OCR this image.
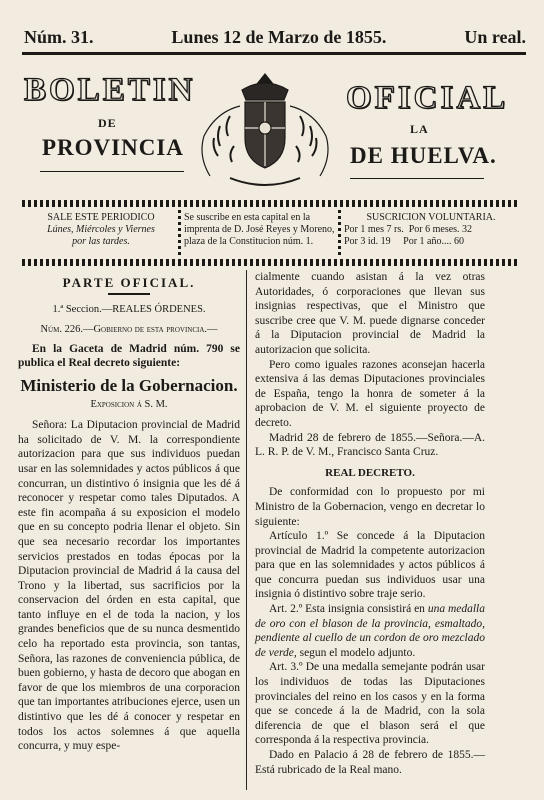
Núm. 31.	Lunes 12 de Marzo de 1855.	Un real.
BOLETIN	OFICIAL
DE	LA
PROVINCIA	DE HUELVA.
SALE ESTE PERIODICO
Lúnes, Miércoles y Viernes
por las tardes.
Se suscribe en esta capital en la
imprenta de D. José Reyes y Moreno,
plaza de la Constitucion núm. 1.
SUSCRICION VOLUNTARIA.
Por 1 mes 7 rs.  Por 6 meses. 32
Por 3 id. 19     Por 1 año.... 60
PARTE OFICIAL.
1.ª Seccion.—REALES ÓRDENES.
Núm. 226.—Gobierno de esta provincia.—

En la Gaceta de Madrid núm. 790 se publica el Real decreto siguiente:

Ministerio de la Gobernacion.
Exposicion á S. M.

Señora: La Diputacion provincial de Madrid ha solicitado de V. M. la correspondiente autorizacion para que sus individuos puedan usar en las solemnidades y actos públicos á que concurran, un distintivo ó insignia que les dé á reconocer y respetar como tales Diputados. A este fin acompaña á su exposicion el modelo que en su concepto podria llenar el objeto. Sin que sea necesario recordar los importantes servicios prestados en todas épocas por la Diputacion provincial de Madrid á la causa del Trono y la libertad, sus sacrificios por la conservacion del órden en esta capital, que tanto influye en el de toda la nacion, y los grandes beneficios que de su nunca desmentido celo ha reportado esta provincia, son tantas, Señora, las razones de conveniencia pública, de buen gobierno, y hasta de decoro que abogan en favor de que los miembros de una corporacion que tan importantes atribuciones ejerce, usen un distintivo que les dé á conocer y respetar en todos los actos solemnes á que aquella concurra, y muy espe-

cialmente cuando asistan á la vez otras Autoridades, ó corporaciones que llevan sus insignias respectivas, que el Ministro que suscribe cree que V. M. puede dignarse conceder á la Diputacion provincial de Madrid la autorizacion que solicita.

Pero como iguales razones aconsejan hacerla extensiva á las demas Diputaciones provinciales de España, tengo la honra de someter á la aprobacion de V. M. el siguiente proyecto de decreto.

Madrid 28 de febrero de 1855.—Señora.—A. L. R. P. de V. M., Francisco Santa Cruz.

REAL DECRETO.

De conformidad con lo propuesto por mi Ministro de la Gobernacion, vengo en decretar lo siguiente:

Artículo 1.º Se concede á la Diputacion provincial de Madrid la competente autorizacion para que en las solemnidades y actos públicos á que concurra puedan sus individuos usar una insignia ó distintivo sobre traje serio.

Art. 2.º Esta insignia consistirá en una medalla de oro con el blason de la provincia, esmaltado, pendiente al cuello de un cordon de oro mezclado de verde, segun el modelo adjunto.

Art. 3.º De una medalla semejante podrán usar los individuos de todas las Diputaciones provinciales del reino en los casos y en la forma que se concede á la de Madrid, con la sola diferencia de que el blason será el que corresponda á la respectiva provincia.

Dado en Palacio á 28 de febrero de 1855.—Está rubricado de la Real mano.
